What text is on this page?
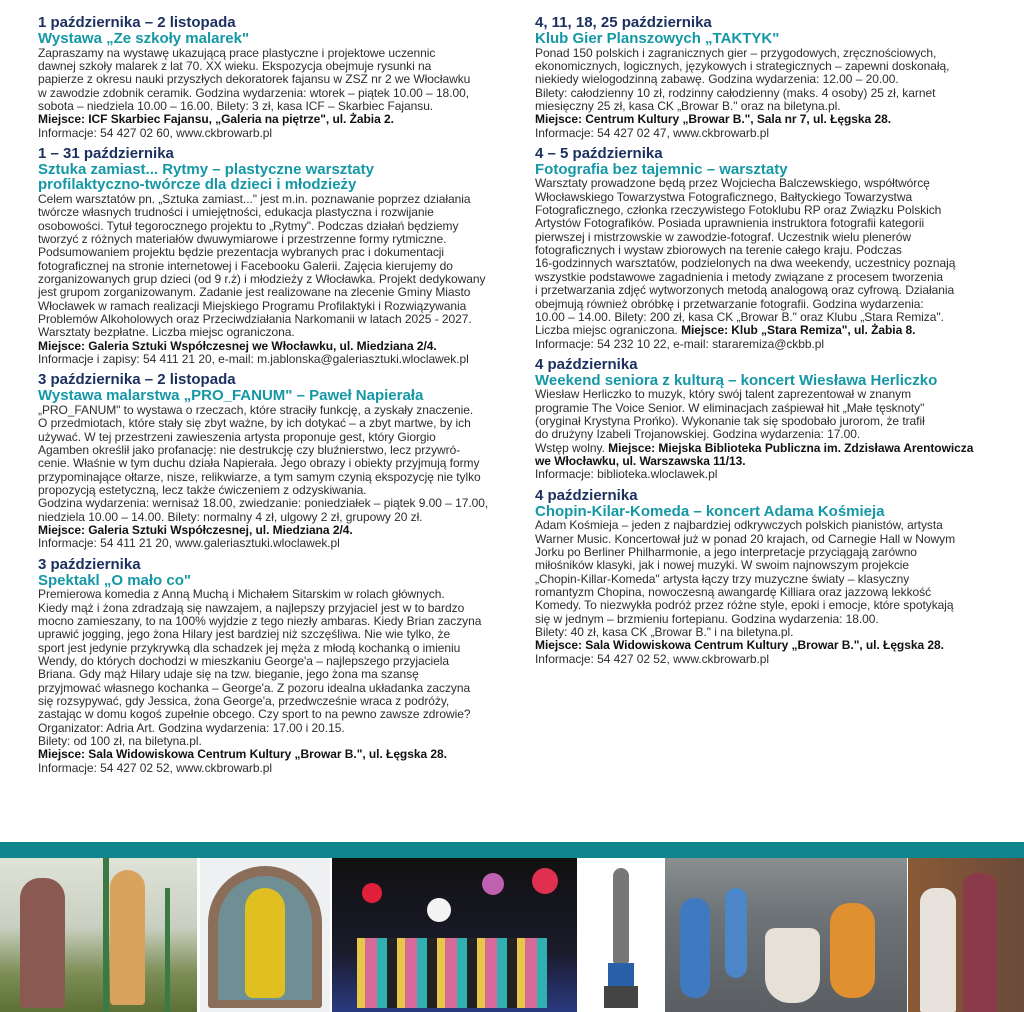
1 października – 2 listopada
Wystawa „Ze szkoły malarek"
Zapraszamy na wystawę ukazującą prace plastyczne i projektowe uczennic
dawnej szkoły malarek z lat 70. XX wieku. Ekspozycja obejmuje rysunki na
papierze z okresu nauki przyszłych dekoratorek fajansu w ZSZ nr 2 we Włocławku
w zawodzie zdobnik ceramik. Godzina wydarzenia: wtorek – piątek 10.00 – 18.00,
sobota – niedziela 10.00 – 16.00. Bilety: 3 zł, kasa ICF – Skarbiec Fajansu.
Miejsce: ICF Skarbiec Fajansu, „Galeria na piętrze", ul. Żabia 2.
Informacje: 54 427 02 60, www.ckbrowarb.pl
1 – 31 października
Sztuka zamiast... Rytmy – plastyczne warsztaty
profilaktyczno-twórcze dla dzieci i młodzieży
Celem warsztatów pn. „Sztuka zamiast..." jest m.in. poznawanie poprzez działania
twórcze własnych trudności i umiejętności, edukacja plastyczna i rozwijanie
osobowości. Tytuł tegorocznego projektu to „Rytmy". Podczas działań będziemy
tworzyć z różnych materiałów dwuwymiarowe i przestrzenne formy rytmiczne.
Podsumowaniem projektu będzie prezentacja wybranych prac i dokumentacji
fotograficznej na stronie internetowej i Facebooku Galerii. Zajęcia kierujemy do
zorganizowanych grup dzieci (od 9 r.ż) i młodzieży z Włocławka. Projekt dedykowany
jest grupom zorganizowanym. Zadanie jest realizowane na zlecenie Gminy Miasto
Włocławek w ramach realizacji Miejskiego Programu Profilaktyki i Rozwiązywania
Problemów Alkoholowych oraz Przeciwdziałania Narkomanii w latach 2025 - 2027.
Warsztaty bezpłatne. Liczba miejsc ograniczona.
Miejsce: Galeria Sztuki Współczesnej we Włocławku, ul. Miedziana 2/4.
Informacje i zapisy: 54 411 21 20, e-mail: m.jablonska@galeriasztuki.wloclawek.pl
3 października – 2 listopada
Wystawa malarstwa „PRO_FANUM" – Paweł Napierała
„PRO_FANUM" to wystawa o rzeczach, które straciły funkcję, a zyskały znaczenie.
O przedmiotach, które stały się zbyt ważne, by ich dotykać – a zbyt martwe, by ich
używać. W tej przestrzeni zawieszenia artysta proponuje gest, który Giorgio
Agamben określił jako profanację: nie destrukcję czy bluźnierstwo, lecz przywró-
cenie. Właśnie w tym duchu działa Napierała. Jego obrazy i obiekty przyjmują formy
przypominające ołtarze, nisze, relikwiarze, a tym samym czynią ekspozycję nie tylko
propozycją estetyczną, lecz także ćwiczeniem z odzyskiwania.
Godzina wydarzenia: wernisaż 18.00, zwiedzanie: poniedziałek – piątek 9.00 – 17.00,
niedziela 10.00 – 14.00. Bilety: normalny 4 zł, ulgowy 2 zł, grupowy 20 zł.
Miejsce: Galeria Sztuki Współczesnej, ul. Miedziana 2/4.
Informacje: 54 411 21 20, www.galeriasztuki.wloclawek.pl
3 października
Spektakl „O mało co"
Premierowa komedia z Anną Muchą i Michałem Sitarskim w rolach głównych.
Kiedy mąż i żona zdradzają się nawzajem, a najlepszy przyjaciel jest w to bardzo
mocno zamieszany, to na 100% wyjdzie z tego niezły ambaras. Kiedy Brian zaczyna
uprawić jogging, jego żona Hilary jest bardziej niż szczęśliwa. Nie wie tylko, że
sport jest jedynie przykrywką dla schadzek jej męża z młodą kochanką o imieniu
Wendy, do których dochodzi w mieszkaniu George'a – najlepszego przyjaciela
Briana. Gdy mąż Hilary udaje się na tzw. bieganie, jego żona ma szansę
przyjmować własnego kochanka – George'a. Z pozoru idealna układanka zaczyna
się rozsypywać, gdy Jessica, żona George'a, przedwcześnie wraca z podróży,
zastając w domu kogoś zupełnie obcego. Czy sport to na pewno zawsze zdrowie?
Organizator: Adria Art. Godzina wydarzenia: 17.00 i 20.15.
Bilety: od 100 zł, na biletyna.pl.
Miejsce: Sala Widowiskowa Centrum Kultury „Browar B.", ul. Łęgska 28.
Informacje: 54 427 02 52, www.ckbrowarb.pl
4, 11, 18, 25 października
Klub Gier Planszowych „TAKTYK"
Ponad 150 polskich i zagranicznych gier – przygodowych, zręcznościowych,
ekonomicznych, logicznych, językowych i strategicznych – zapewni doskonałą,
niekiedy wielogodzinną zabawę. Godzina wydarzenia: 12.00 – 20.00.
Bilety: całodzienny 10 zł, rodzinny całodzienny (maks. 4 osoby) 25 zł, karnet
miesięczny 25 zł, kasa CK „Browar B." oraz na biletyna.pl.
Miejsce: Centrum Kultury „Browar B.", Sala nr 7, ul. Łęgska 28.
Informacje: 54 427 02 47, www.ckbrowarb.pl
4 – 5 października
Fotografia bez tajemnic – warsztaty
Warsztaty prowadzone będą przez Wojciecha Balczewskiego, współtwórcę
Włocławskiego Towarzystwa Fotograficznego, Bałtyckiego Towarzystwa
Fotograficznego, członka rzeczywistego Fotoklubu RP oraz Związku Polskich
Artystów Fotografików. Posiada uprawnienia instruktora fotografii kategorii
pierwszej i mistrzowskie w zawodzie-fotograf. Uczestnik wielu plenerów
fotograficznych i wystaw zbiorowych na terenie całego kraju. Podczas
16-godzinnych warsztatów, podzielonych na dwa weekendy, uczestnicy poznają
wszystkie podstawowe zagadnienia i metody związane z procesem tworzenia
i przetwarzania zdjęć wytworzonych metodą analogową oraz cyfrową. Działania
obejmują również obróbkę i przetwarzanie fotografii. Godzina wydarzenia:
10.00 – 14.00. Bilety: 200 zł, kasa CK „Browar B." oraz Klubu „Stara Remiza".
Liczba miejsc ograniczona. Miejsce: Klub „Stara Remiza", ul. Żabia 8.
Informacje: 54 232 10 22, e-mail: stararemiza@ckbb.pl
4 października
Weekend seniora z kulturą – koncert Wiesława Herliczko
Wiesław Herliczko to muzyk, który swój talent zaprezentował w znanym
programie The Voice Senior. W eliminacjach zaśpiewał hit „Małe tęsknoty"
(oryginał Krystyna Prońko). Wykonanie tak się spodobało jurorom, że trafił
do drużyny Izabeli Trojanowskiej. Godzina wydarzenia: 17.00.
Wstęp wolny. Miejsce: Miejska Biblioteka Publiczna im. Zdzisława Arentowicza
we Włocławku, ul. Warszawska 11/13.
Informacje: biblioteka.wloclawek.pl
4 października
Chopin-Kilar-Komeda – koncert Adama Kośmieja
Adam Kośmieja – jeden z najbardziej odkrywczych polskich pianistów, artysta
Warner Music. Koncertował już w ponad 20 krajach, od Carnegie Hall w Nowym
Jorku po Berliner Philharmonie, a jego interpretacje przyciągają zarówno
miłośników klasyki, jak i nowej muzyki. W swoim najnowszym projekcie
„Chopin-Killar-Komeda" artysta łączy trzy muzyczne światy – klasyczny
romantyzm Chopina, nowoczesną awangardę Killiara oraz jazzową lekkość
Komedy. To niezwykła podróż przez różne style, epoki i emocje, które spotykają
się w jednym – brzmieniu fortepianu. Godzina wydarzenia: 18.00.
Bilety: 40 zł, kasa CK „Browar B." i na biletyna.pl.
Miejsce: Sala Widowiskowa Centrum Kultury „Browar B.", ul. Łęgska 28.
Informacje: 54 427 02 52, www.ckbrowarb.pl
